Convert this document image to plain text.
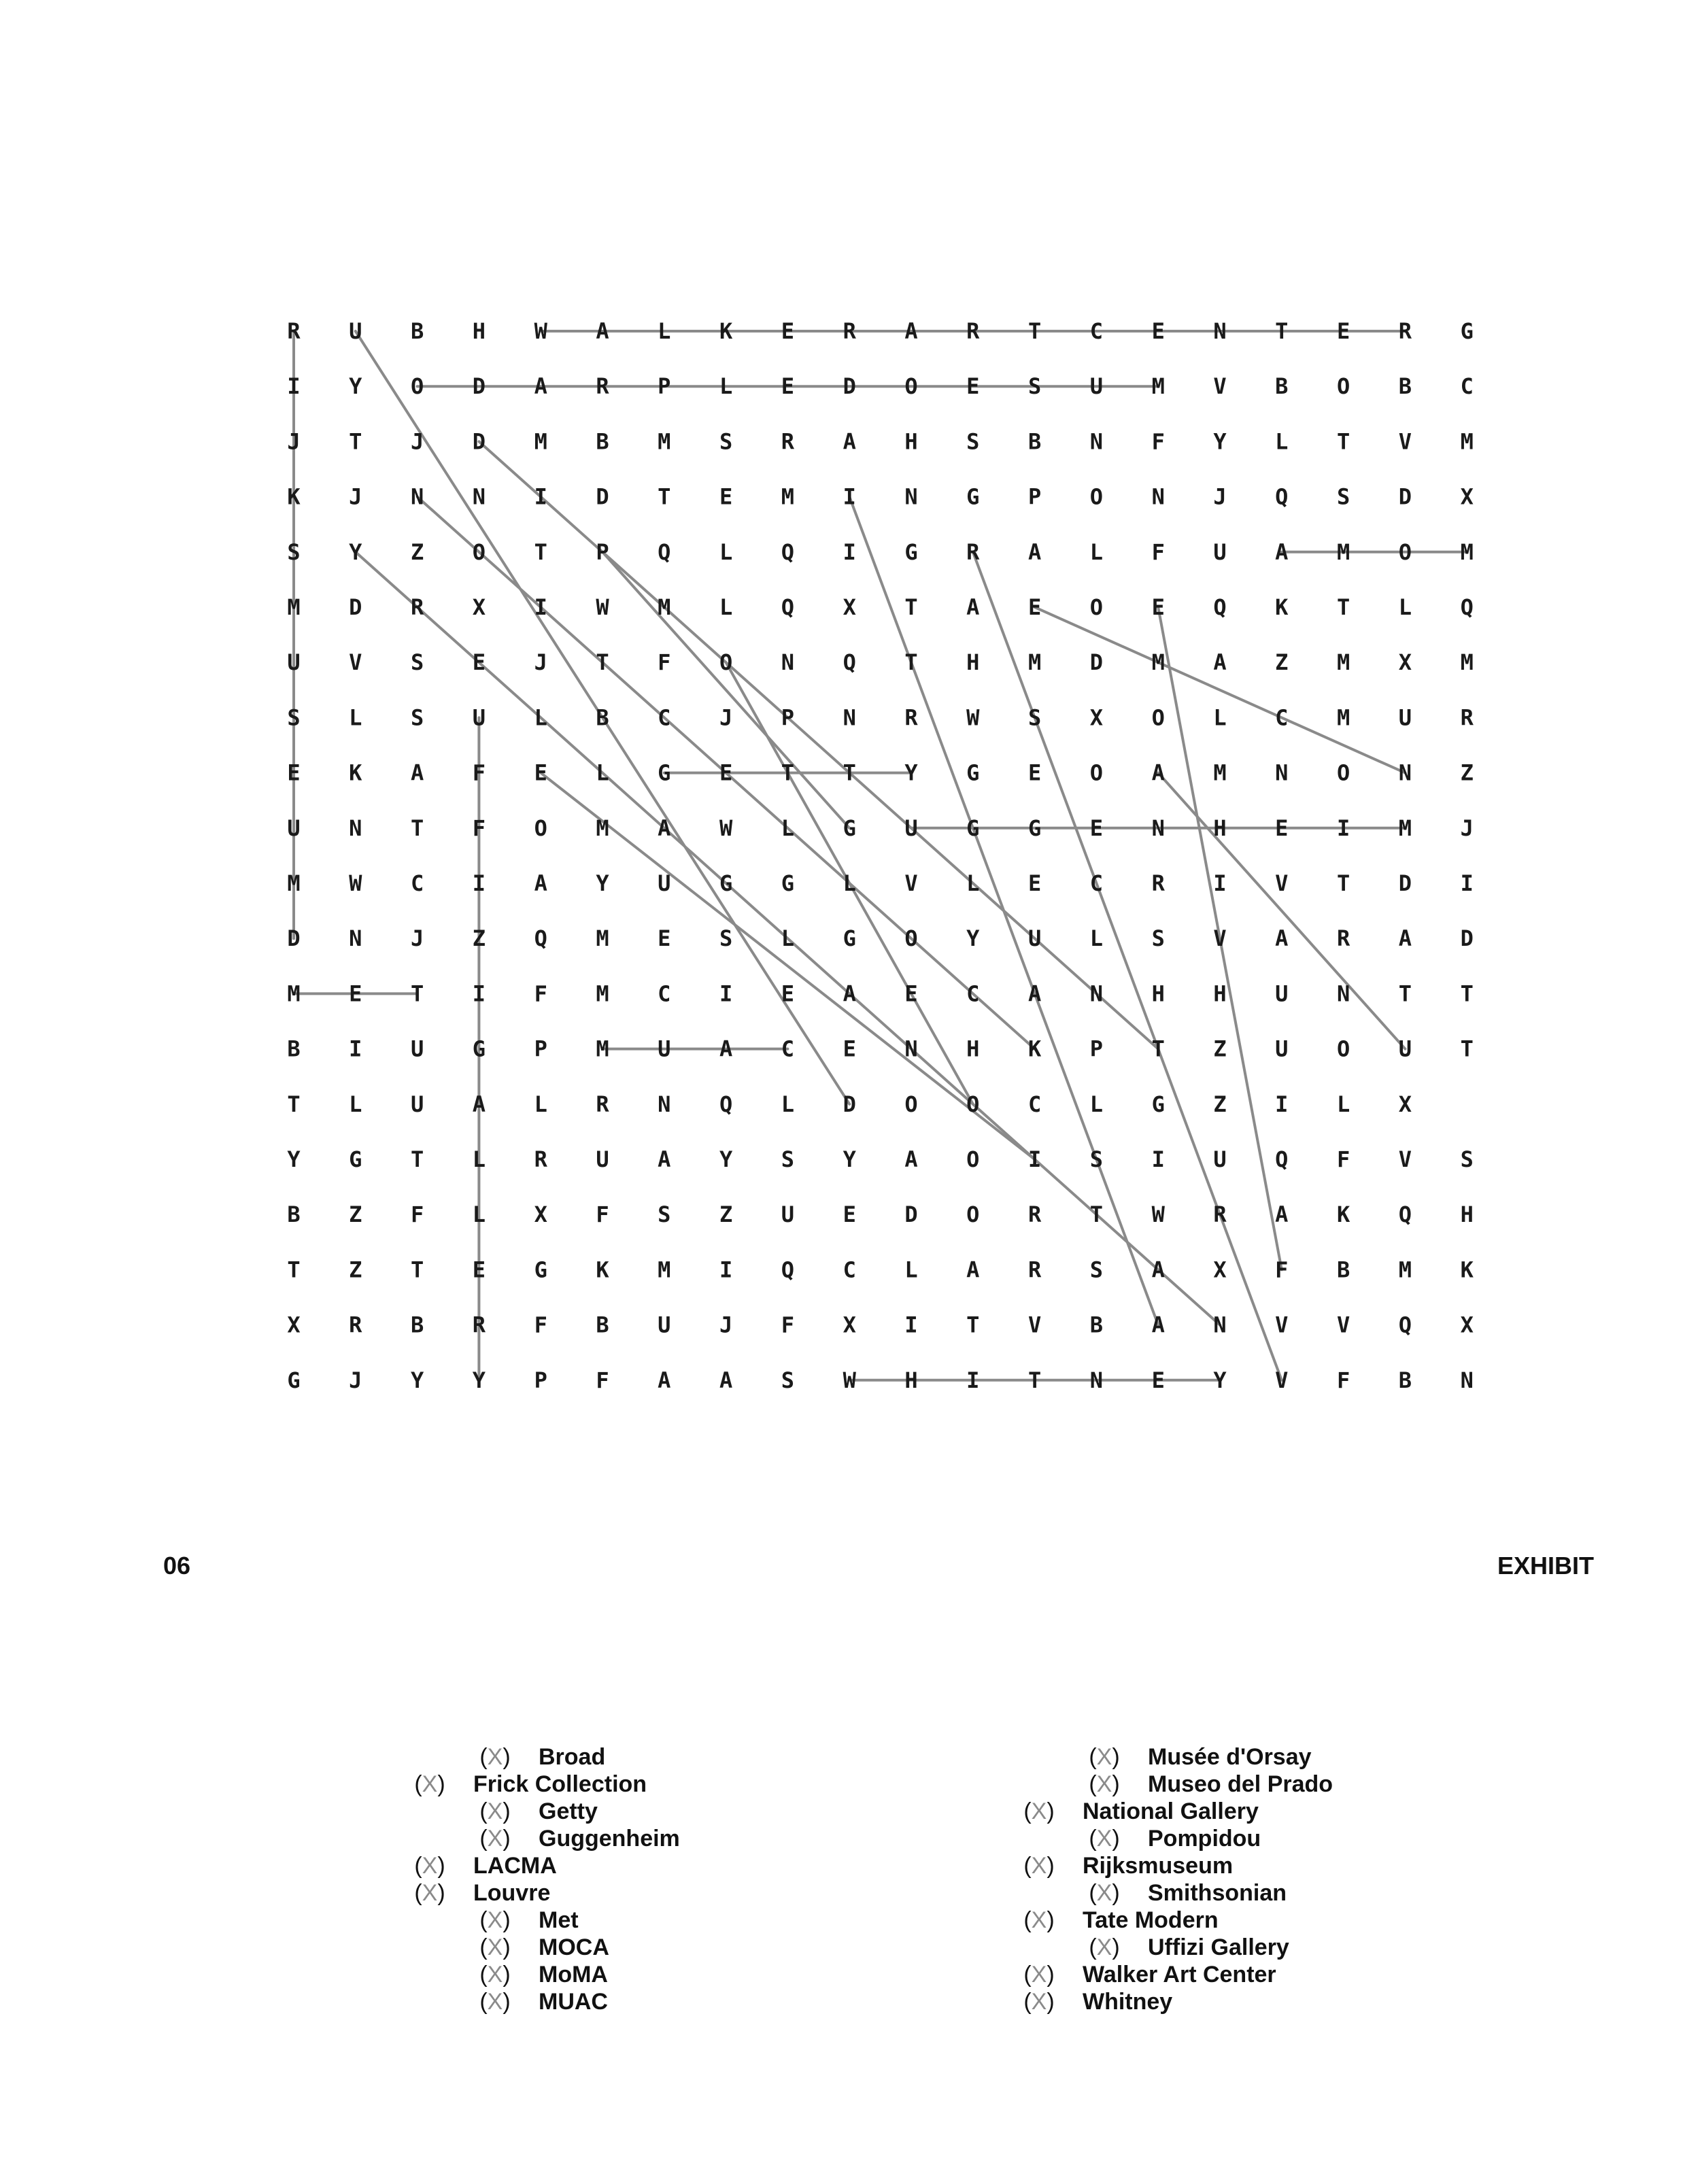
R U B H W A L K E R A R T C E N T E R G
I Y O D A R P L E D O E S U M V B O B C
J T J D M B M S R A H S B N F Y L T V M
K J N N I D T E M I N G P O N J Q S D X
S Y Z O T P Q L Q I G R A L F U A M O M
M D R X I W M L Q X T A E O E Q K T L Q
U V S E J T F O N Q T H M D M A Z M X M
S L S U L B C J P N R W S X O L C M U R
E K A F E L G E T T Y G E O A M N O N Z
U N T F O M A W L G U G G E N H E I M J
M W C I A Y U G G L V L E C R I V T D I
D N J Z Q M E S L G O Y U L S V A R A D
M E T I F M C I E A E C A N H H U N T T
B I U G P M U A C E N H K P T Z U O U T
T L U A L R N Q L D O O C L G Z I L X
Y G T L R U A Y S Y A O I S I U Q F V S
B Z F L X F S Z U E D O R T W R A K Q H
T Z T E G K M I Q C L A R S A X F B M K
X R B R F B U J F X I T V B A N V V Q X
G J Y Y P F A A S W H I T N E Y V F B N
06	EXHIBIT
(X) Broad
(X) Frick Collection
(X) Getty
(X) Guggenheim
(X) LACMA
(X) Louvre
(X) Met
(X) MOCA
(X) MoMA
(X) MUAC
(X) Musée d'Orsay
(X) Museo del Prado
(X) National Gallery
(X) Pompidou
(X) Rijksmuseum
(X) Smithsonian
(X) Tate Modern
(X) Uffizi Gallery
(X) Walker Art Center
(X) Whitney
